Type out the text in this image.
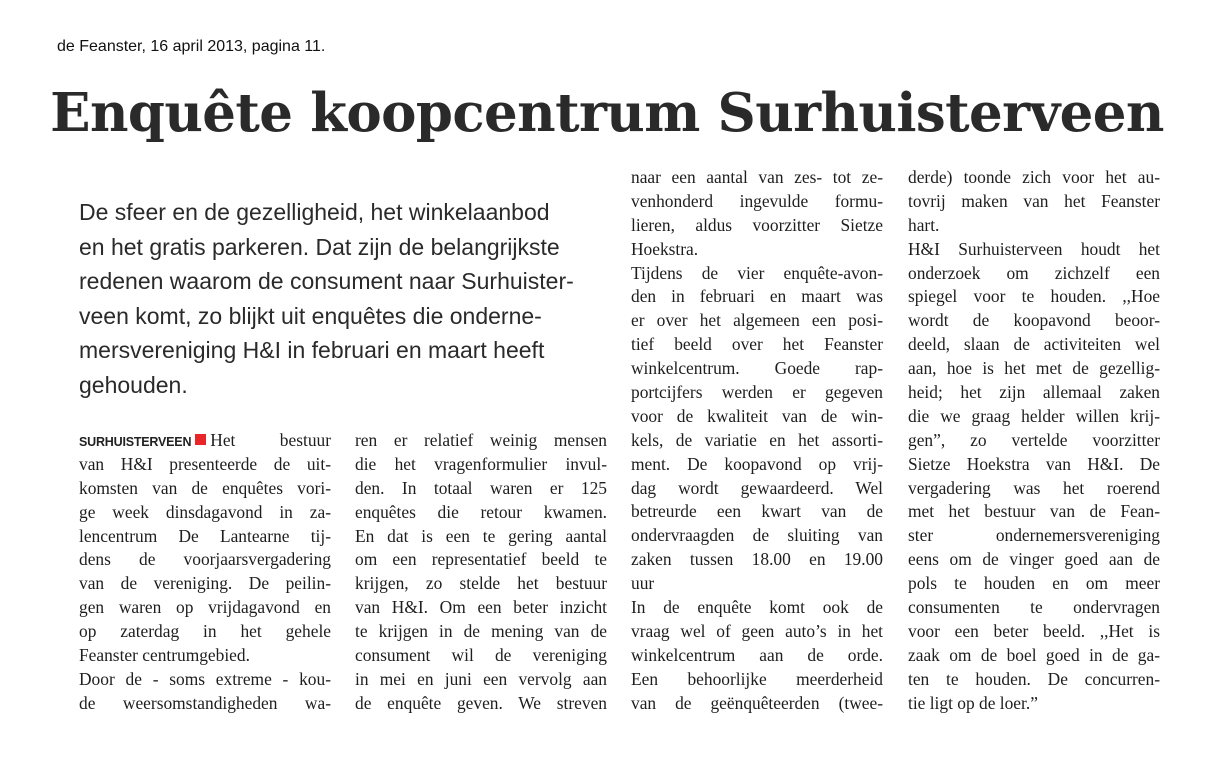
de Feanster, 16 april 2013, pagina 11.
Enquête koopcentrum Surhuisterveen
De sfeer en de gezelligheid, het winkelaanbod
en het gratis parkeren. Dat zijn de belangrijkste
redenen waarom de consument naar Surhuister-
veen komt, zo blijkt uit enquêtes die onderne-
mersvereniging H&I in februari en maart heeft
gehouden.
SURHUISTERVEEN Het bestuur
van H&I presenteerde de uit-
komsten van de enquêtes vori-
ge week dinsdagavond in za-
lencentrum De Lantearne tij-
dens de voorjaarsvergadering
van de vereniging. De peilin-
gen waren op vrijdagavond en
op zaterdag in het gehele
Feanster centrumgebied.
Door de - soms extreme - kou-
de weersomstandigheden wa-
ren er relatief weinig mensen
die het vragenformulier invul-
den. In totaal waren er 125
enquêtes die retour kwamen.
En dat is een te gering aantal
om een representatief beeld te
krijgen, zo stelde het bestuur
van H&I. Om een beter inzicht
te krijgen in de mening van de
consument wil de vereniging
in mei en juni een vervolg aan
de enquête geven. We streven
naar een aantal van zes- tot ze-
venhonderd ingevulde formu-
lieren, aldus voorzitter Sietze
Hoekstra.
Tijdens de vier enquête-avon-
den in februari en maart was
er over het algemeen een posi-
tief beeld over het Feanster
winkelcentrum. Goede rap-
portcijfers werden er gegeven
voor de kwaliteit van de win-
kels, de variatie en het assorti-
ment. De koopavond op vrij-
dag wordt gewaardeerd. Wel
betreurde een kwart van de
ondervraagden de sluiting van
zaken tussen 18.00 en 19.00
uur
In de enquête komt ook de
vraag wel of geen auto’s in het
winkelcentrum aan de orde.
Een behoorlijke meerderheid
van de geënquêteerden (twee-
derde) toonde zich voor het au-
tovrij maken van het Feanster
hart.
H&I Surhuisterveen houdt het
onderzoek om zichzelf een
spiegel voor te houden. ,,Hoe
wordt de koopavond beoor-
deeld, slaan de activiteiten wel
aan, hoe is het met de gezellig-
heid; het zijn allemaal zaken
die we graag helder willen krij-
gen”, zo vertelde voorzitter
Sietze Hoekstra van H&I. De
vergadering was het roerend
met het bestuur van de Fean-
ster ondernemersvereniging
eens om de vinger goed aan de
pols te houden en om meer
consumenten te ondervragen
voor een beter beeld. ,,Het is
zaak om de boel goed in de ga-
ten te houden. De concurren-
tie ligt op de loer.”
